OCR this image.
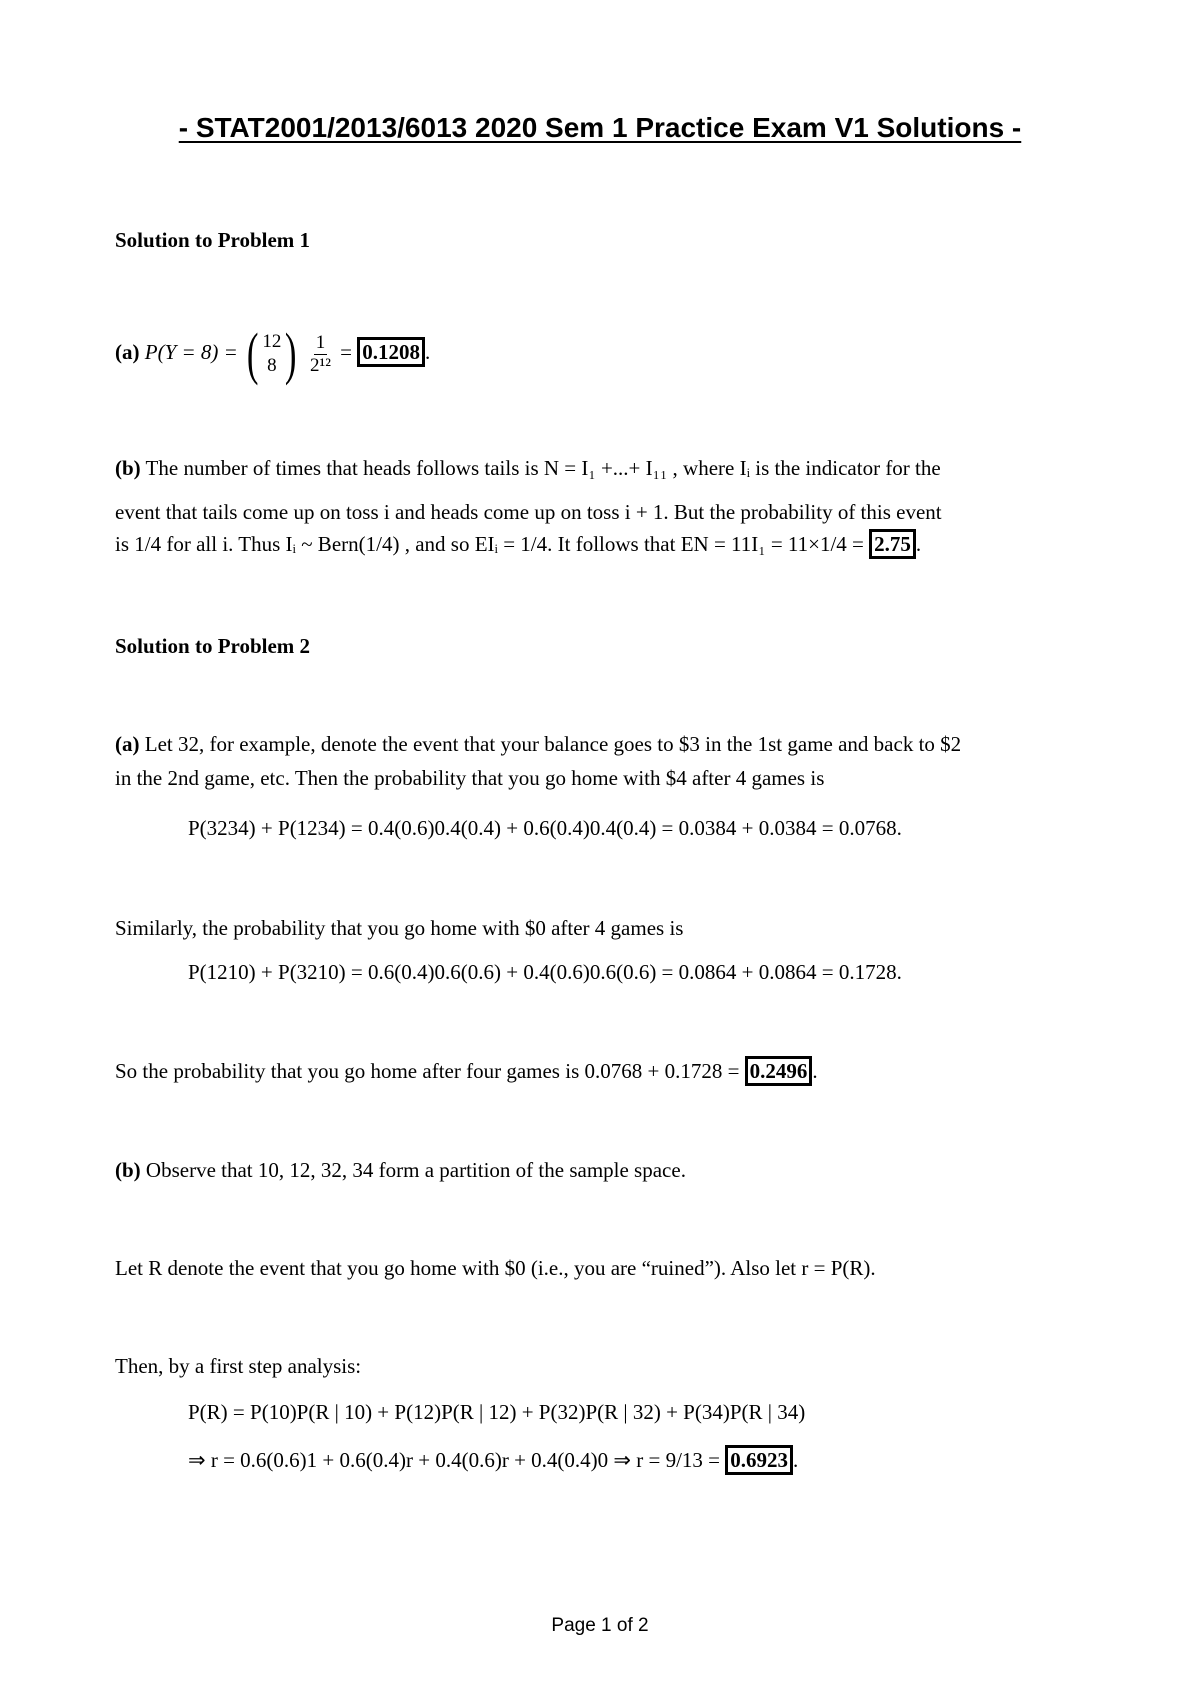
- STAT2001/2013/6013 2020 Sem 1 Practice Exam V1 Solutions -
Solution to Problem 1
(a) P(Y = 8) = ( 12
8 )
$\frac{1}{\text{2¹²}} = 0.1208$ .
(b) The number of times that heads follows tails is N = I₁ +...+ I₁₁ , where Iᵢ is the indicator for the
event that tails come up on toss i and heads come up on toss i + 1. But the probability of this event
is 1/4 for all i. Thus Iᵢ ~ Bern(1/4) , and so EIᵢ = 1/4. It follows that EN = 11I₁ = 11×1/4 = 2.75 .
Solution to Problem 2
(a) Let 32, for example, denote the event that your balance goes to $3 in the 1st game and back to $2
in the 2nd game, etc. Then the probability that you go home with $4 after 4 games is
P(3234) + P(1234) = 0.4(0.6)0.4(0.4) + 0.6(0.4)0.4(0.4) = 0.0384 + 0.0384 = 0.0768.
Similarly, the probability that you go home with $0 after 4 games is
P(1210) + P(3210) = 0.6(0.4)0.6(0.6) + 0.4(0.6)0.6(0.6) = 0.0864 + 0.0864 = 0.1728.
So the probability that you go home after four games is 0.0768 + 0.1728 = 0.2496 .
(b) Observe that 10, 12, 32, 34 form a partition of the sample space.
Let R denote the event that you go home with $0 (i.e., you are “ruined”). Also let r = P(R).
Then, by a first step analysis:
P(R) = P(10)P(R | 10) + P(12)P(R | 12) + P(32)P(R | 32) + P(34)P(R | 34)
⇒ r = 0.6(0.6)1 + 0.6(0.4)r + 0.4(0.6)r + 0.4(0.4)0 ⇒ r = 9/13 = 0.6923 .
Page 1 of 2
